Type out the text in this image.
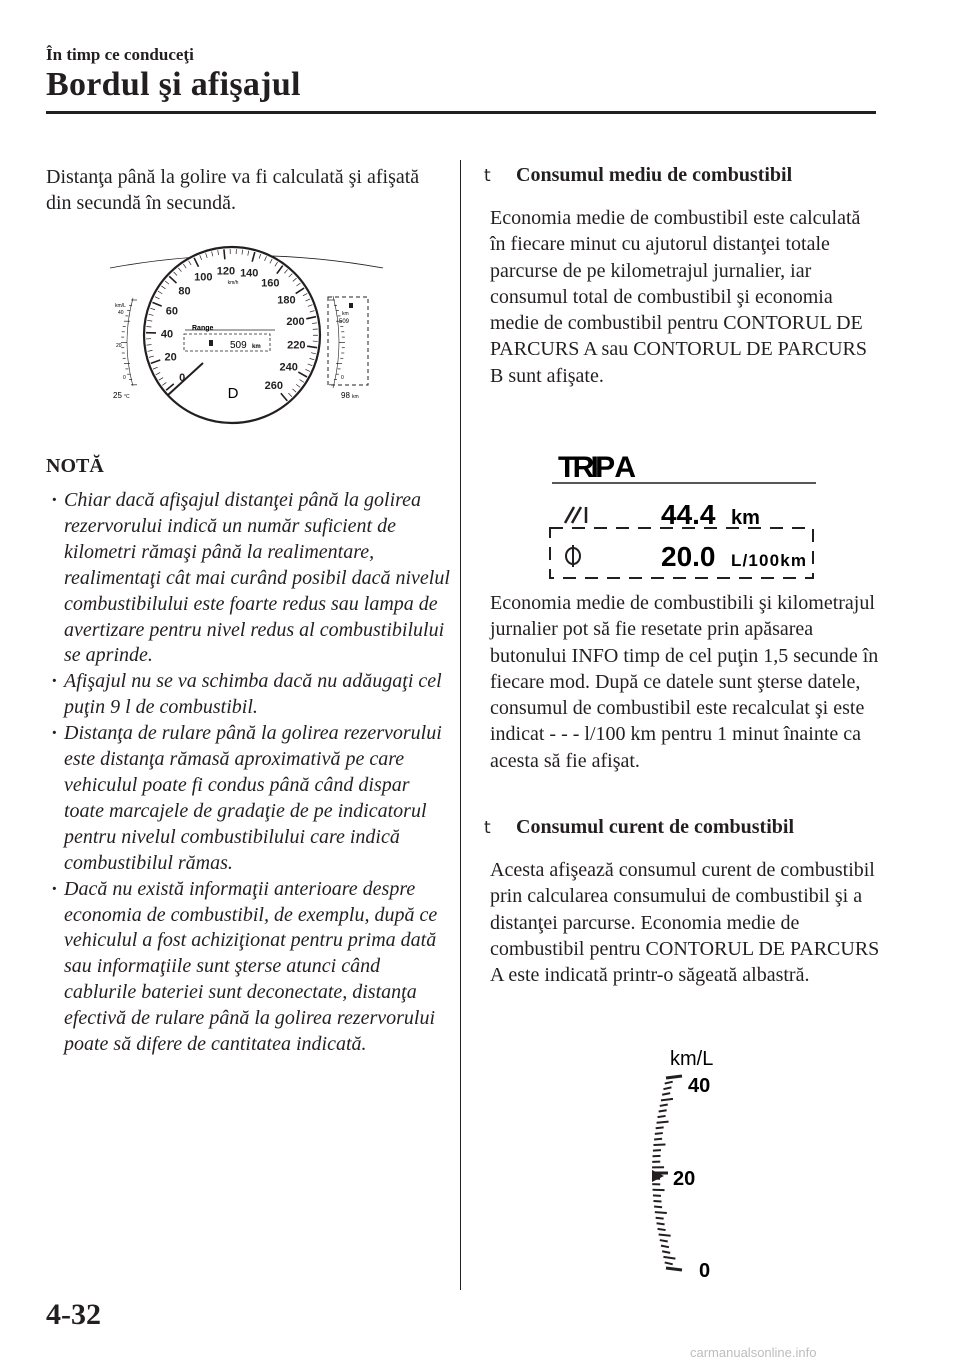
În timp ce conduceţi
Bordul şi afişajul
Distanţa până la golire va fi calculată şi afişată din secundă în secundă.
0
20
40
60
80
100
120 140
160
180
200
220
240
260
km/h
Range
509 km
D
km/L
40
20
0
25 °C
km
509
0
98 km
NOTĂ
· Chiar dacă afişajul distanţei până la golirea rezervorului indică un număr suficient de kilometri rămaşi până la realimentare, realimentaţi cât mai curând posibil dacă nivelul combustibilului este foarte redus sau lampa de avertizare pentru nivel redus al combustibilului se aprinde.
· Afişajul nu se va schimba dacă nu adăugaţi cel puţin 9 l de combustibil.
· Distanţa de rulare până la golirea rezervorului este distanţa rămasă aproximativă pe care vehiculul poate fi condus până când dispar toate marcajele de gradaţie de pe indicatorul pentru nivelul combustibilului care indică combustibilul rămas.
· Dacă nu există informaţii anterioare despre economia de combustibil, de exemplu, după ce vehiculul a fost achiziţionat pentru prima dată sau informaţiile sunt şterse atunci când cablurile bateriei sunt deconectate, distanţa efectivă de rulare până la golirea rezervorului poate să difere de cantitatea indicată.
t Consumul mediu de combustibil
Economia medie de combustibil este calculată în fiecare minut cu ajutorul distanţei totale parcurse de pe kilometrajul jurnalier, iar consumul total de combustibil şi economia medie de combustibil pentru CONTORUL DE PARCURS A sau CONTORUL DE PARCURS B sunt afişate.
TRIP A
44.4 km
20.0 L/100km
Economia medie de combustibili şi kilometrajul jurnalier pot să fie resetate prin apăsarea butonului INFO timp de cel puţin 1,5 secunde în fiecare mod. După ce datele sunt şterse datele, consumul de combustibil este recalculat şi este indicat - - - l/100 km pentru 1 minut înainte ca acesta să fie afişat.
t Consumul curent de combustibil
Acesta afişează consumul curent de combustibil prin calcularea consumului de combustibil şi a distanţei parcurse. Economia medie de combustibil pentru CONTORUL DE PARCURS A este indicată printr-o săgeată albastră.
km/L
40
20
0
4-32
carmanualsonline.info
